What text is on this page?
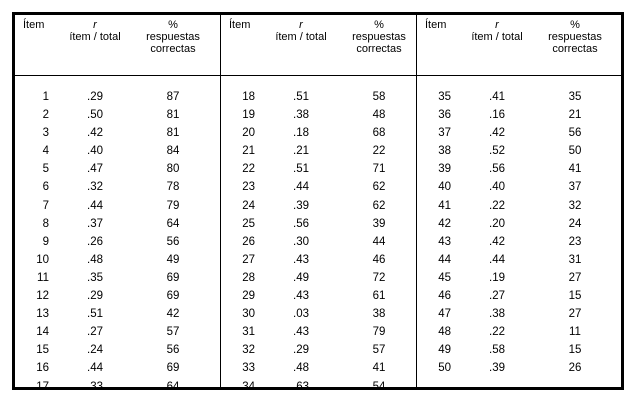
Ítem	r
ítem / total
%
respuestas
correctas
1	.29	87
2	.50	81
3	.42	81
4	.40	84
5	.47	80
6	.32	78
7	.44	79
8	.37	64
9	.26	56
10	.48	49
11	.35	69
12	.29	69
13	.51	42
14	.27	57
15	.24	56
16	.44	69
17	.33	64
Ítem	r
ítem / total
%
respuestas
correctas
18	.51	58
19	.38	48
20	.18	68
21	.21	22
22	.51	71
23	.44	62
24	.39	62
25	.56	39
26	.30	44
27	.43	46
28	.49	72
29	.43	61
30	.03	38
31	.43	79
32	.29	57
33	.48	41
34	.63	54
Ítem	r
ítem / total
%
respuestas
correctas
35	.41	35
36	.16	21
37	.42	56
38	.52	50
39	.56	41
40	.40	37
41	.22	32
42	.20	24
43	.42	23
44	.44	31
45	.19	27
46	.27	15
47	.38	27
48	.22	11
49	.58	15
50	.39	26
